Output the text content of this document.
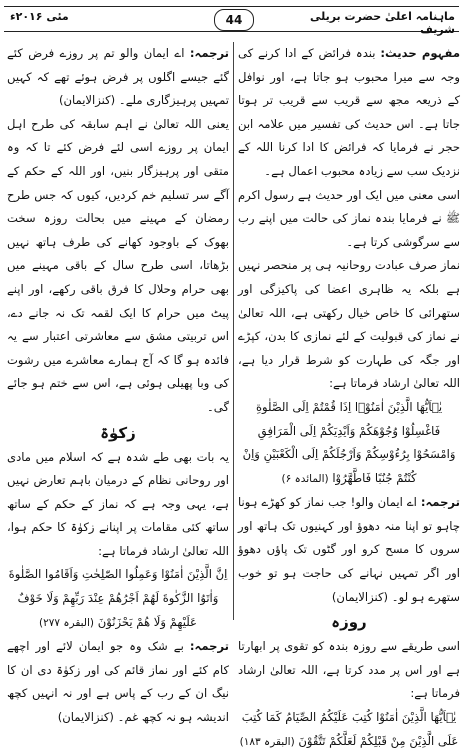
مئی ۲۰۱۶ء	44	ماہنامہ اعلیٰ حضرت بریلی شریف

مفہوم حدیث: بندہ فرائض کے ادا کرنے کی وجہ سے میرا محبوب ہو جاتا ہے، اور نوافل کے ذریعہ مجھ سے قریب سے قریب تر ہوتا جاتا ہے۔ اس حدیث کی تفسیر میں علامہ ابن حجر نے فرمایا کہ فرائض کا ادا کرنا اللہ کے نزدیک سب سے زیادہ محبوب اعمال ہے۔

اسی معنی میں ایک اور حدیث ہے رسول اکرم ﷺ نے فرمایا بندہ نماز کی حالت میں اپنے رب سے سرگوشی کرتا ہے۔

نماز صرف عبادت روحانیہ ہی پر منحصر نہیں ہے بلکہ یہ ظاہری اعضا کی پاکیزگی اور ستھرائی کا خاص خیال رکھتی ہے، اللہ تعالیٰ نے نماز کی قبولیت کے لئے نمازی کا بدن، کپڑے اور جگہ کی طہارت کو شرط قرار دیا ہے، اللہ تعالیٰ ارشاد فرماتا ہے:

یٰۤاَیُّهَا الَّذِیْنَ اٰمَنُوْۤا اِذَا قُمْتُمْ اِلَى الصَّلٰوةِ فَاغْسِلُوْا وُجُوْهَكُمْ وَاَیْدِیَكُمْ اِلَى الْمَرَافِقِ وَامْسَحُوْا بِرُءُوْسِكُمْ وَاَرْجُلَكُمْ اِلَى الْكَعْبَیْنِ وَاِنْ كُنْتُمْ جُنُبًا فَاطَّهَّرُوْا (المائدہ ۶)

ترجمہ: اے ایمان والو! جب نماز کو کھڑے ہونا چاہو تو اپنا منہ دھوؤ اور کہنیوں تک ہاتھ اور سروں کا مسح کرو اور گٹوں تک پاؤں دھوؤ اور اگر تمہیں نہانے کی حاجت ہو تو خوب ستھرے ہو لو۔ (کنزالایمان)

روزہ

اسی طریقے سے روزہ بندہ کو تقوی پر ابھارتا ہے اور اس پر مدد کرتا ہے، اللہ تعالیٰ ارشاد فرماتا ہے:

یٰۤاَیُّهَا الَّذِیْنَ اٰمَنُوْا كُتِبَ عَلَیْكُمُ الصِّیَامُ كَمَا كُتِبَ عَلَى الَّذِیْنَ مِنْ قَبْلِكُمْ لَعَلَّكُمْ تَتَّقُوْنَ (البقرہ ۱۸۳)

ترجمہ: اے ایمان والو تم پر روزے فرض کئے گئے جیسے اگلوں پر فرض ہوئے تھے کہ کہیں تمہیں پرہیزگاری ملے۔ (کنزالایمان)

یعنی اللہ تعالیٰ نے اہم سابقہ کی طرح اہل ایمان پر روزے اسی لئے فرض کئے تا کہ وہ متقی اور پرہیزگار بنیں، اور اللہ کے حکم کے آگے سر تسلیم خم کردیں، کیوں کہ جس طرح رمضان کے مہینے میں بحالت روزہ سخت بھوک کے باوجود کھانے کی طرف ہاتھ نہیں بڑھاتا، اسی طرح سال کے باقی مہینے میں بھی حرام وحلال کا فرق باقی رکھے، اور اپنے پیٹ میں حرام کا ایک لقمہ تک نہ جانے دے، اس تربیتی مشق سے معاشرتی اعتبار سے یہ فائدہ ہو گا کہ آج ہمارے معاشرے میں رشوت کی وبا پھیلی ہوئی ہے، اس سے ختم ہو جائے گی۔

زکوٰۃ

یہ بات بھی طے شدہ ہے کہ اسلام میں مادی اور روحانی نظام کے درمیان باہم تعارض نہیں ہے، یہی وجہ ہے کہ نماز کے حکم کے ساتھ ساتھ کئی مقامات پر اپنانے زکوٰۃ کا حکم ہوا، اللہ تعالیٰ ارشاد فرماتا ہے:

اِنَّ الَّذِیْنَ اٰمَنُوْا وَعَمِلُوا الصّٰلِحٰتِ وَاَقَامُوا الصَّلٰوةَ وَاٰتَوُا الزَّكٰوةَ لَهُمْ اَجْرُهُمْ عِنْدَ رَبِّهِمْ وَلَا خَوْفٌ عَلَیْهِمْ وَلَا هُمْ یَحْزَنُوْنَ (البقرہ ۲۷۷)

ترجمہ: بے شک وہ جو ایمان لائے اور اچھے کام کئے اور نماز قائم کی اور زکوٰۃ دی ان کا نیگ ان کے رب کے پاس ہے اور نہ انہیں کچھ اندیشہ ہو نہ کچھ غم۔ (کنزالایمان)
